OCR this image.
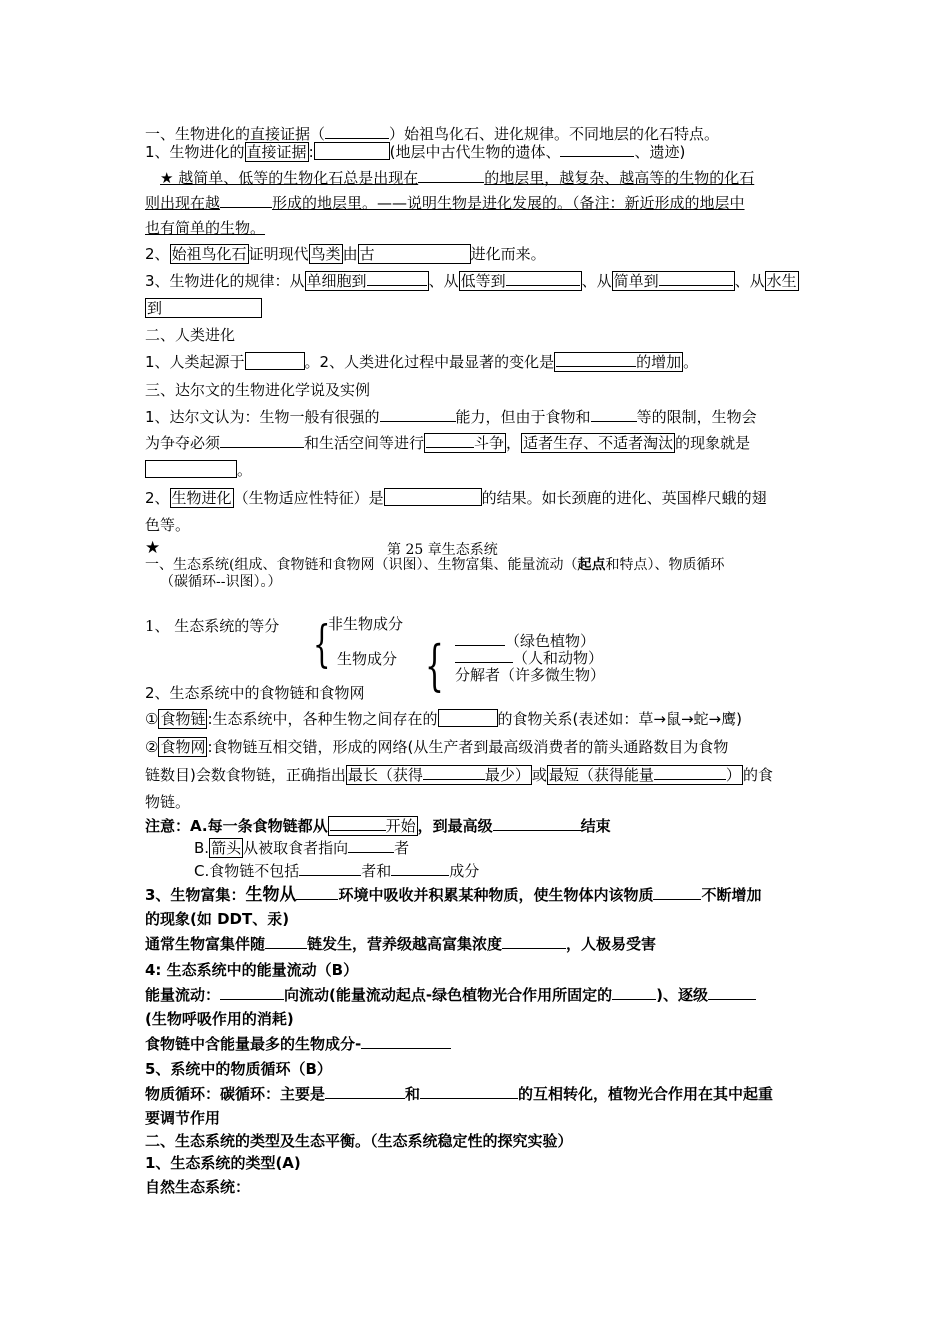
一、生物进化的直接证据（	）始祖鸟化石、进化规律。不同地层的化石特点。
1、生物进化的 直接证据 :	(地层中古代生物的遗体、	、遗迹)
★ 越简单、低等的生物化石总是出现在	的地层里，越复杂、越高等的生物的化石
则出现在越	形成的地层里。——说明生物是进化发展的。（备注：新近形成的地层中
也有简单的生物。
2、 始祖鸟化石 证明现代 鸟类 由 古	进化而来。
3、生物进化的规律：从 单细胞到	、从 低等到	、从 简单到	、从 水生
到
二、人类进化
1、人类起源于	。2、人类进化过程中最显著的变化是	的增加 。
三、达尔文的生物进化学说及实例
1、达尔文认为：生物一般有很强的	能力，但由于食物和	等的限制，生物会
为争夺必须	和生活空间等进行	斗争 ， 适者生存、不适者淘汰 的现象就是
。
2、 生物进化 （生物适应性特征）是	的结果。如长颈鹿的进化、英国桦尺蛾的翅
色等。
★	第 25 章生态系统
一、生态系统(组成、食物链和食物网（识图）、生物富集、能量流动（起点和特点）、物质循环
（碳循环--识图）。）
1、 生态系统的等分 {
非生物成分
生物成分 {	（绿色植物）
（人和动物）
分解者（许多微生物）
2、生态系统中的食物链和食物网
① 食物链 :生态系统中，各种生物之间存在的	的食物关系(表述如：草→鼠→蛇→鹰)
② 食物网 :食物链互相交错，形成的网络(从生产者到最高级消费者的箭头通路数目为食物
链数目)会数食物链，正确指出 最长（获得	最少） 或 最短（获得能量	） 的食
物链。
注意：A.每一条食物链都从	开始 ，到最高级	结束
B. 箭头 从被取食者指向	者
C.食物链不包括	者和	成分
3、生物富集：生物从	环境中吸收并积累某种物质，使生物体内该物质	不断增加
的现象(如 DDT、汞)
通常生物富集伴随	链发生，营养级越高富集浓度	，人极易受害
4: 生态系统中的能量流动（B）
能量流动：	向流动(能量流动起点-绿色植物光合作用所固定的	)、逐级
(生物呼吸作用的消耗)
食物链中含能量最多的生物成分-
5、系统中的物质循环（B）
物质循环：碳循环：主要是	和	的互相转化，植物光合作用在其中起重
要调节作用
二、生态系统的类型及生态平衡。（生态系统稳定性的探究实验）
1、生态系统的类型(A)
自然生态系统：
